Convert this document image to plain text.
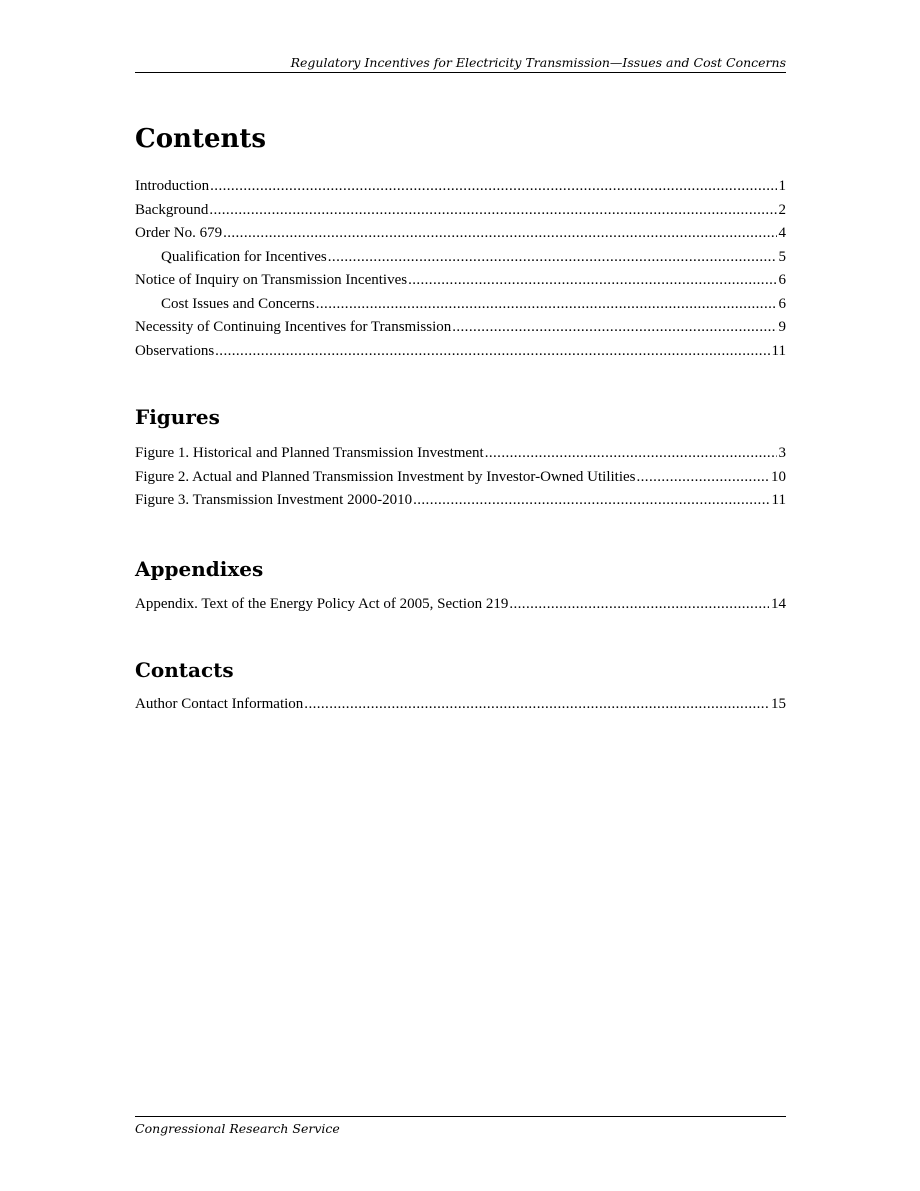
Regulatory Incentives for Electricity Transmission—Issues and Cost Concerns
Contents
Introduction .....	1
Background .....	2
Order No. 679 .....	4
Qualification for Incentives .....	5
Notice of Inquiry on Transmission Incentives .....	6
Cost Issues and Concerns .....	6
Necessity of Continuing Incentives for Transmission .....	9
Observations .....	11
Figures
Figure 1. Historical and Planned Transmission Investment .....	3
Figure 2. Actual and Planned Transmission Investment by Investor-Owned Utilities .....	10
Figure 3. Transmission Investment 2000-2010 .....	11
Appendixes
Appendix. Text of the Energy Policy Act of 2005, Section 219 .....	14
Contacts
Author Contact Information .....	15
Congressional Research Service
